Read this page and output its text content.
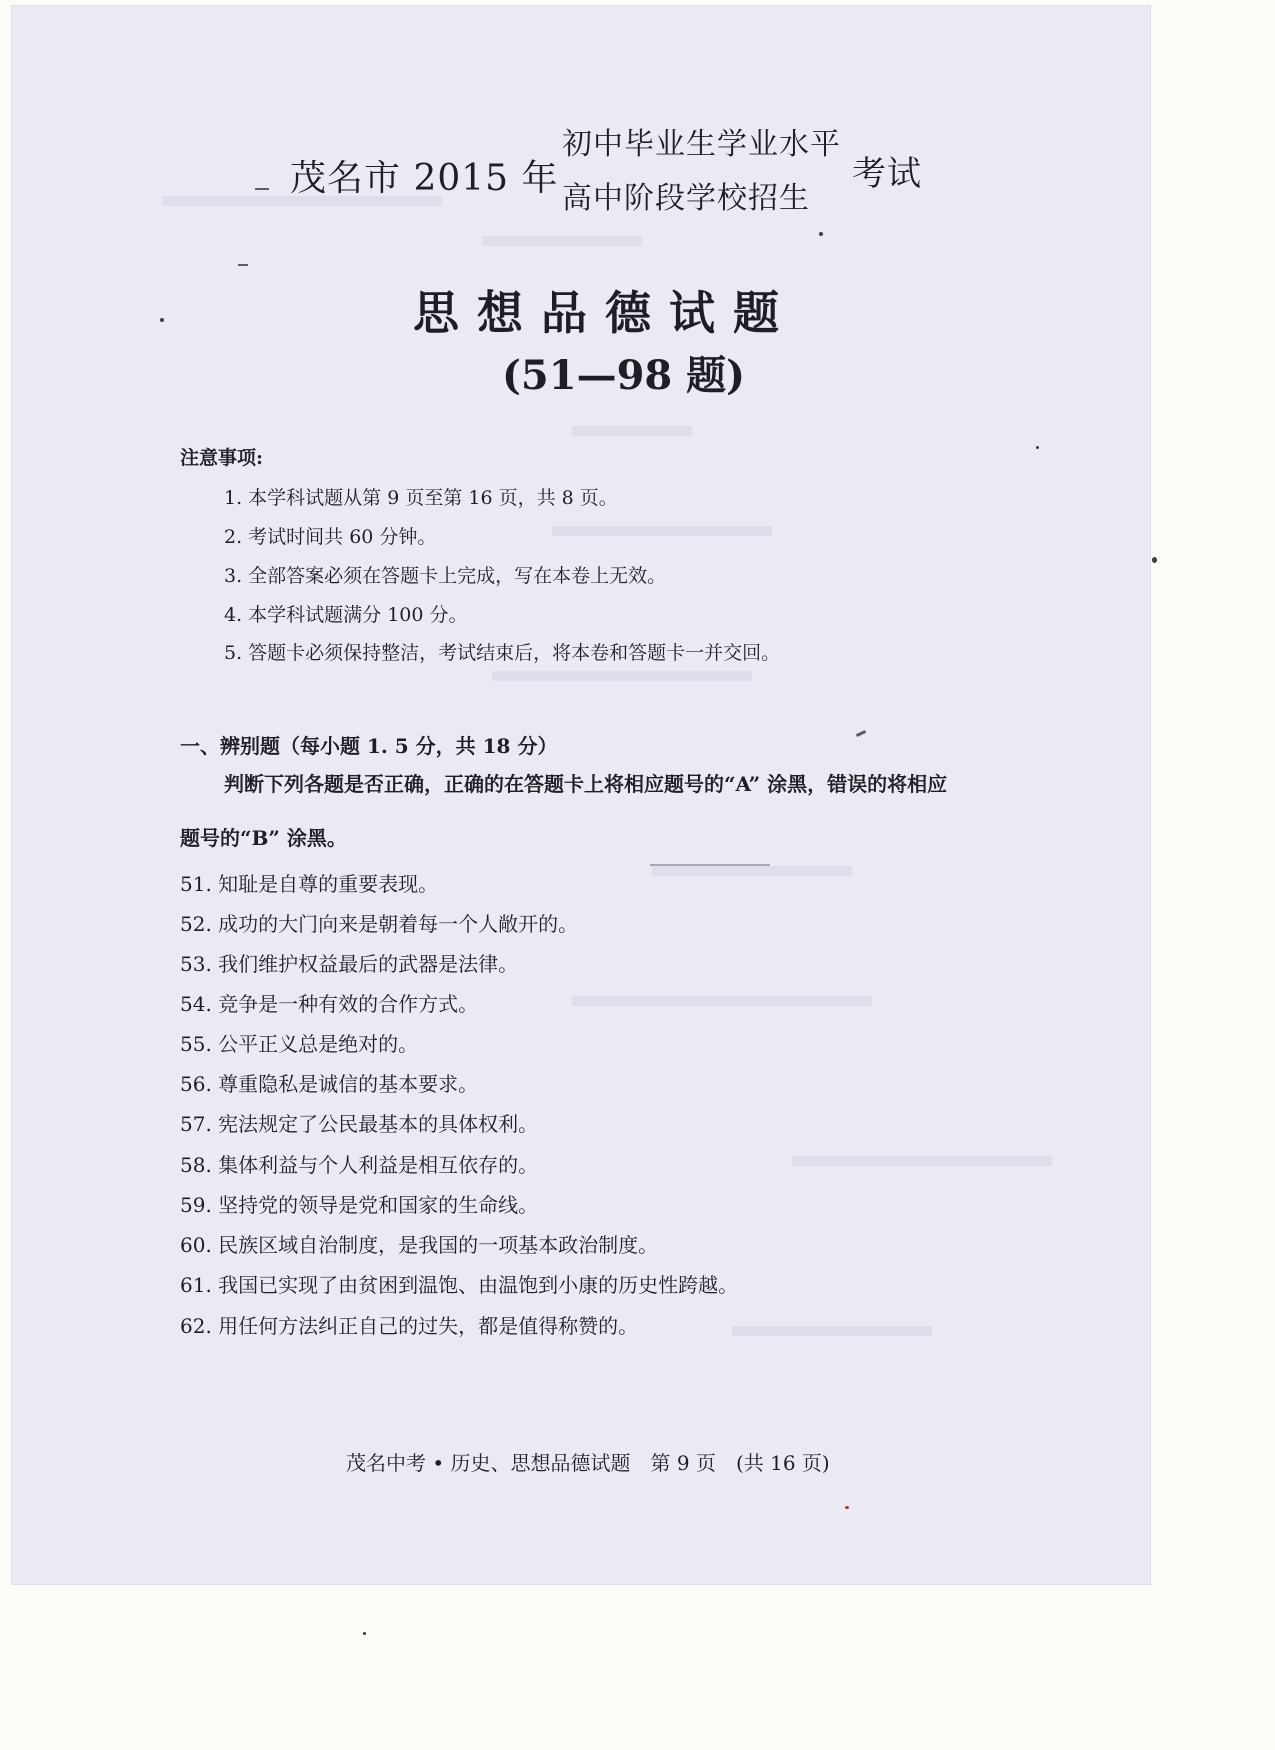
茂名市 2015 年
初中毕业生学业水平
高中阶段学校招生
考试
思想品德试题
(51—98 题)
注意事项:
1. 本学科试题从第 9 页至第 16 页，共 8 页。
2. 考试时间共 60 分钟。
3. 全部答案必须在答题卡上完成，写在本卷上无效。
4. 本学科试题满分 100 分。
5. 答题卡必须保持整洁，考试结束后，将本卷和答题卡一并交回。
一、辨别题（每小题 1. 5 分，共 18 分）
判断下列各题是否正确，正确的在答题卡上将相应题号的“A” 涂黑，错误的将相应
题号的“B” 涂黑。
51. 知耻是自尊的重要表现。
52. 成功的大门向来是朝着每一个人敞开的。
53. 我们维护权益最后的武器是法律。
54. 竞争是一种有效的合作方式。
55. 公平正义总是绝对的。
56. 尊重隐私是诚信的基本要求。
57. 宪法规定了公民最基本的具体权利。
58. 集体利益与个人利益是相互依存的。
59. 坚持党的领导是党和国家的生命线。
60. 民族区域自治制度，是我国的一项基本政治制度。
61. 我国已实现了由贫困到温饱、由温饱到小康的历史性跨越。
62. 用任何方法纠正自己的过失，都是值得称赞的。
茂名中考 • 历史、思想品德试题　第 9 页　(共 16 页)
